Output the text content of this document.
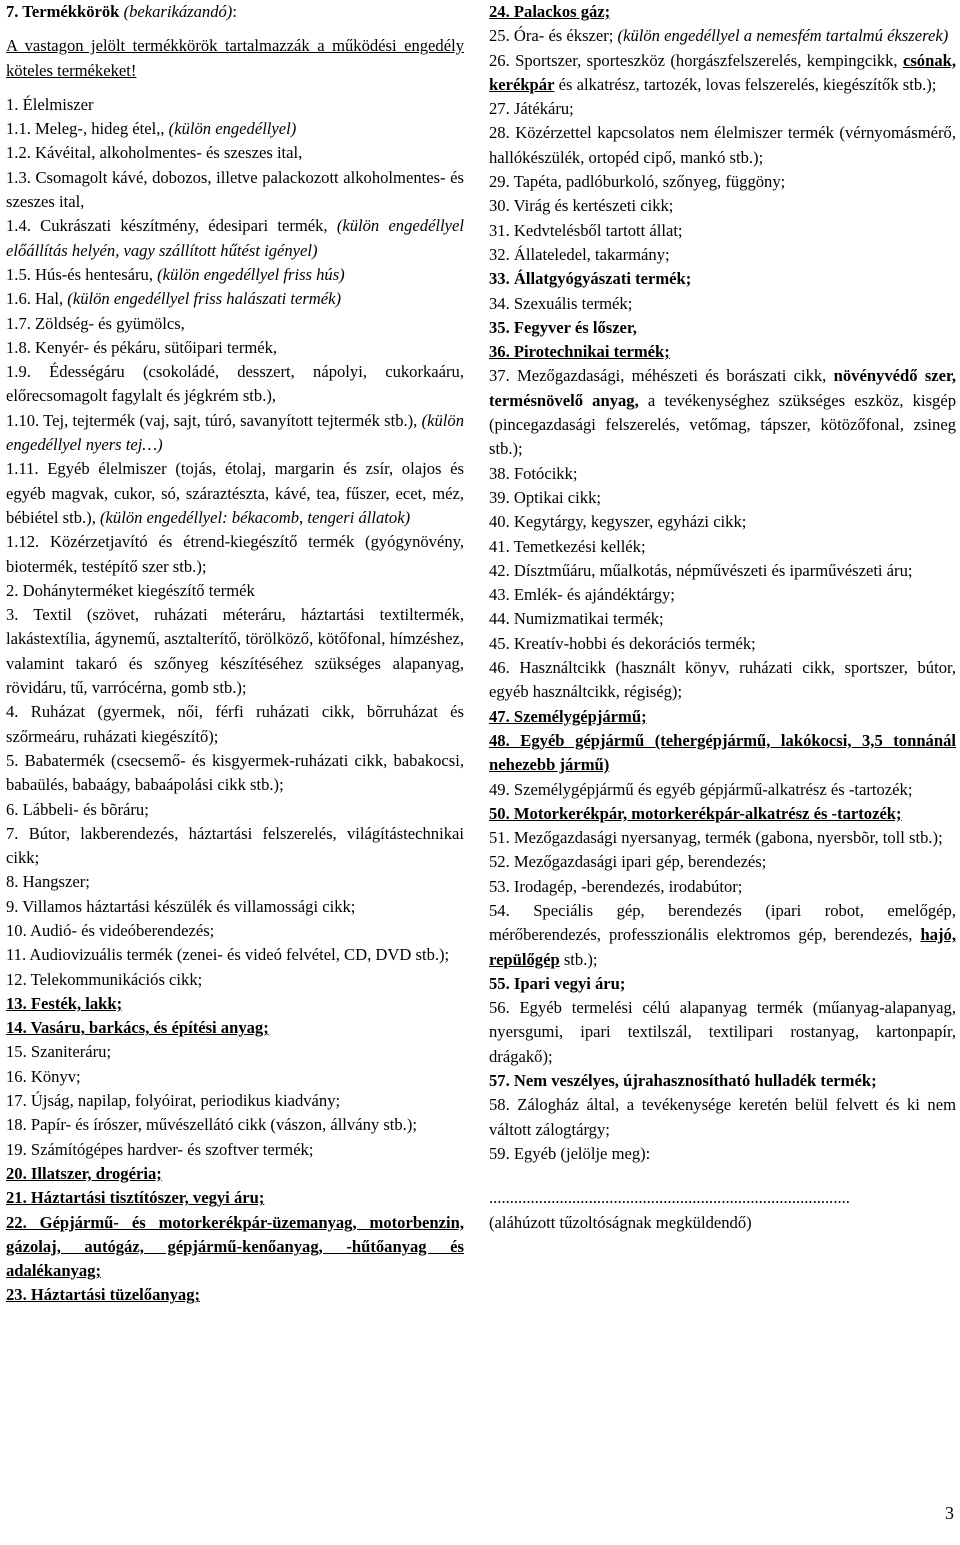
7. Termékkörök (bekarikázandó):
A vastagon jelölt termékkörök tartalmazzák a működési engedély köteles termékeket!
1. Élelmiszer
1.1. Meleg-, hideg étel,, (külön engedéllyel)
1.2. Kávéital, alkoholmentes- és szeszes ital,
1.3. Csomagolt kávé, dobozos, illetve palackozott alkoholmentes- és szeszes ital,
1.4. Cukrászati készítmény, édesipari termék, (külön engedéllyel előállítás helyén, vagy szállított hűtést igényel)
1.5. Hús-és hentesáru, (külön engedéllyel friss hús)
1.6. Hal, (külön engedéllyel friss halászati termék)
1.7. Zöldség- és gyümölcs,
1.8. Kenyér- és pékáru, sütőipari termék,
1.9. Édességáru (csokoládé, desszert, nápolyi, cukorkaáru, előrecsomagolt fagylalt és jégkrém stb.),
1.10. Tej, tejtermék (vaj, sajt, túró, savanyított tejtermék stb.), (külön engedéllyel nyers tej…)
1.11. Egyéb élelmiszer (tojás, étolaj, margarin és zsír, olajos és egyéb magvak, cukor, só, száraztészta, kávé, tea, fűszer, ecet, méz, bébiétel stb.), (külön engedéllyel: békacomb, tengeri állatok)
1.12. Közérzetjavító és étrend-kiegészítő termék (gyógynövény, biotermék, testépítő szer stb.);
2. Dohányterméket kiegészítő termék
3. Textil (szövet, ruházati méteráru, háztartási textiltermék, lakástextília, ágynemű, asztalterítő, törölköző, kötőfonal, hímzéshez, valamint takaró és szőnyeg készítéséhez szükséges alapanyag, rövidáru, tű, varrócérna, gomb stb.);
4. Ruházat (gyermek, női, férfi ruházati cikk, bõrruházat és szőrmeáru, ruházati kiegészítő);
5. Babatermék (csecsemő- és kisgyermek-ruházati cikk, babakocsi, babaülés, babaágy, babaápolási cikk stb.);
6. Lábbeli- és bõráru;
7. Bútor, lakberendezés, háztartási felszerelés, világítástechnikai cikk;
8. Hangszer;
9. Villamos háztartási készülék és villamossági cikk;
10. Audió- és videóberendezés;
11. Audiovizuális termék (zenei- és videó felvétel, CD, DVD stb.);
12. Telekommunikációs cikk;
13. Festék, lakk;
14. Vasáru, barkács, és építési anyag;
15. Szaniteráru;
16. Könyv;
17. Újság, napilap, folyóirat, periodikus kiadvány;
18. Papír- és írószer, művészellátó cikk (vászon, állvány stb.);
19. Számítógépes hardver- és szoftver termék;
20. Illatszer, drogéria;
21. Háztartási tisztítószer, vegyi áru;
22. Gépjármű- és motorkerékpár-üzemanyag, motorbenzin, gázolaj, autógáz, gépjármű-kenőanyag, -hűtőanyag és adalékanyag;
23. Háztartási tüzelőanyag;
24. Palackos gáz;
25. Óra- és ékszer; (külön engedéllyel a nemesfém tartalmú ékszerek)
26. Sportszer, sporteszköz (horgászfelszerelés, kempingcikk, csónak, kerékpár és alkatrész, tartozék, lovas felszerelés, kiegészítők stb.);
27. Játékáru;
28. Közérzettel kapcsolatos nem élelmiszer termék (vérnyomásmérő, hallókészülék, ortopéd cipő, mankó stb.);
29. Tapéta, padlóburkoló, szőnyeg, függöny;
30. Virág és kertészeti cikk;
31. Kedvtelésből tartott állat;
32. Állateledel, takarmány;
33. Állatgyógyászati termék;
34. Szexuális termék;
35. Fegyver és lőszer,
36. Pirotechnikai termék;
37. Mezőgazdasági, méhészeti és borászati cikk, növényvédő szer, termésnövelő anyag, a tevékenységhez szükséges eszköz, kisgép (pincegazdasági felszerelés, vetőmag, tápszer, kötözőfonal, zsineg stb.);
38. Fotócikk;
39. Optikai cikk;
40. Kegytárgy, kegyszer, egyházi cikk;
41. Temetkezési kellék;
42. Dísztműáru, műalkotás, népművészeti és iparművészeti áru;
43. Emlék- és ajándéktárgy;
44. Numizmatikai termék;
45. Kreatív-hobbi és dekorációs termék;
46. Használtcikk (használt könyv, ruházati cikk, sportszer, bútor, egyéb használtcikk, régiség);
47. Személygépjármű;
48. Egyéb gépjármű (tehergépjármű, lakókocsi, 3,5 tonnánál nehezebb jármű)
49. Személygépjármű és egyéb gépjármű-alkatrész és -tartozék;
50. Motorkerékpár, motorkerékpár-alkatrész és -tartozék;
51. Mezőgazdasági nyersanyag, termék (gabona, nyersbõr, toll stb.);
52. Mezőgazdasági ipari gép, berendezés;
53. Irodagép, -berendezés, irodabútor;
54. Speciális gép, berendezés (ipari robot, emelőgép, mérőberendezés, professzionális elektromos gép, berendezés, hajó, repülőgép stb.);
55. Ipari vegyi áru;
56. Egyéb termelési célú alapanyag termék (műanyag-alapanyag, nyersgumi, ipari textilszál, textilipari rostanyag, kartonpapír, drágakő);
57. Nem veszélyes, újrahasznosítható hulladék termék;
58. Zálogház által, a tevékenysége keretén belül felvett és ki nem váltott zálogtárgy;
59. Egyéb (jelölje meg):
.......................................................................................
(aláhúzott tűzoltóságnak megküldendő)
3
